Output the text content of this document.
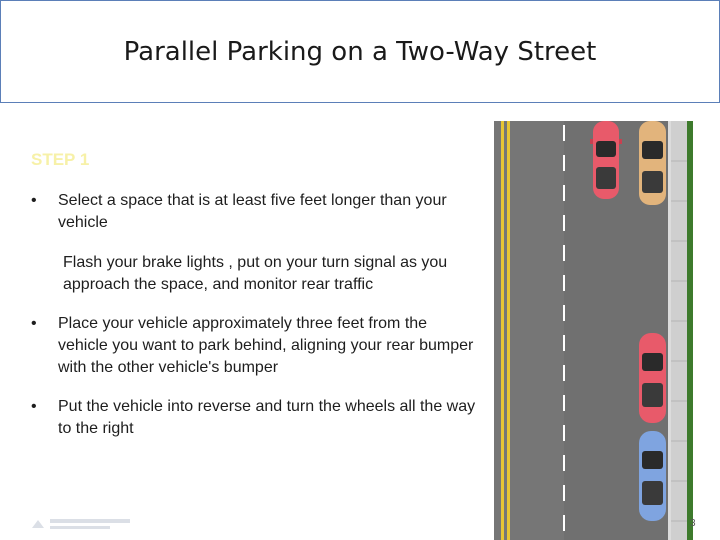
Parallel Parking on a Two-Way Street
STEP 1
• Select a space that is at least five feet longer than your vehicle
Flash your brake lights , put on your turn signal as you approach the space, and monitor rear traffic
• Place your vehicle approximately three feet from the vehicle you want to park behind, aligning your rear bumper with the other vehicle's bumper
• Put the vehicle into reverse and turn the wheels all the way to the right
3
